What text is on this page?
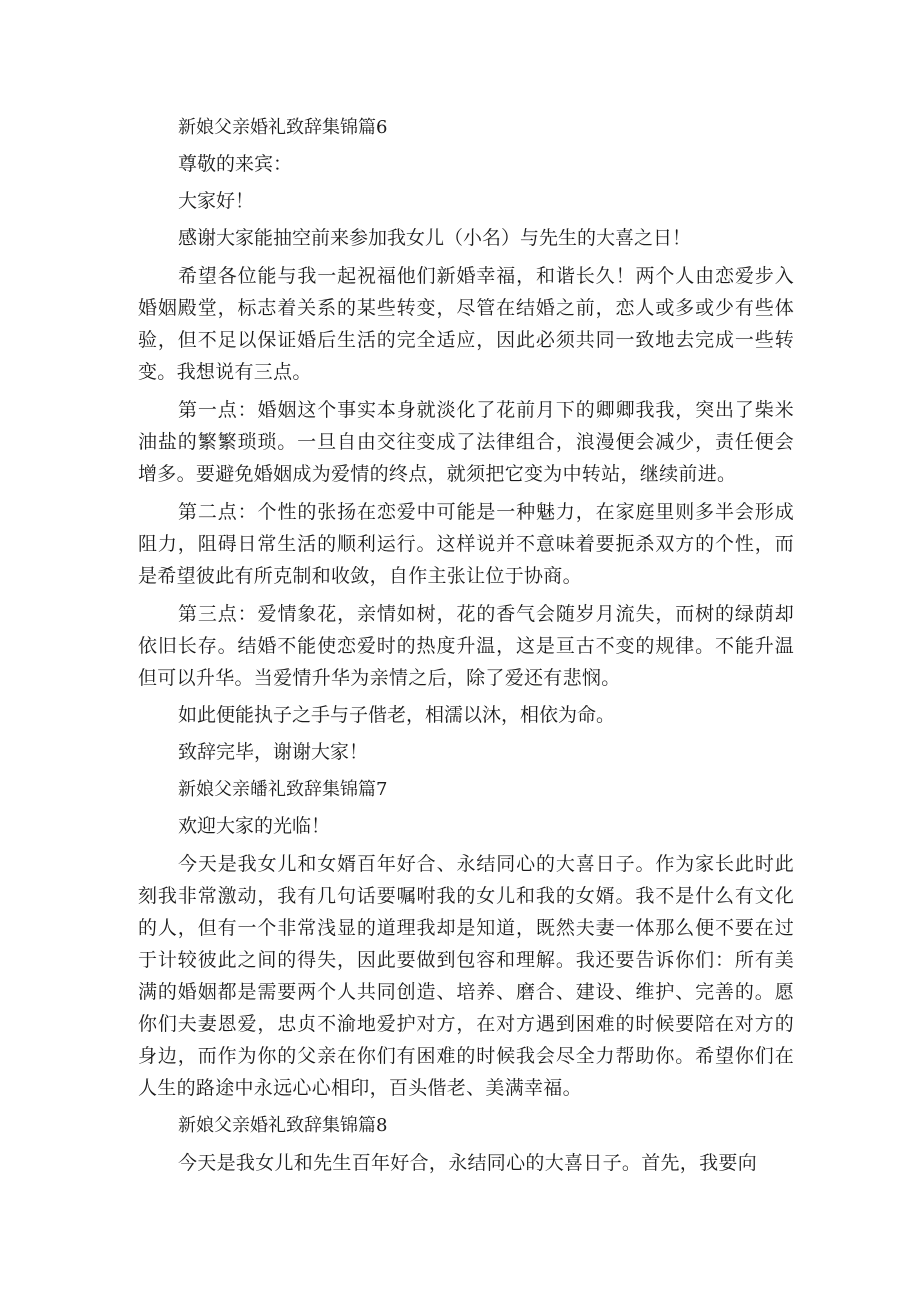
新娘父亲婚礼致辞集锦篇6
尊敬的来宾：
大家好！
感谢大家能抽空前来参加我女儿（小名）与先生的大喜之日！

希望各位能与我一起祝福他们新婚幸福，和谐长久！两个人由恋爱步入婚姻殿堂，标志着关系的某些转变，尽管在结婚之前，恋人或多或少有些体验，但不足以保证婚后生活的完全适应，因此必须共同一致地去完成一些转变。我想说有三点。

第一点：婚姻这个事实本身就淡化了花前月下的卿卿我我，突出了柴米油盐的繁繁琐琐。一旦自由交往变成了法律组合，浪漫便会减少，责任便会增多。要避免婚姻成为爱情的终点，就须把它变为中转站，继续前进。

第二点：个性的张扬在恋爱中可能是一种魅力，在家庭里则多半会形成阻力，阻碍日常生活的顺利运行。这样说并不意味着要扼杀双方的个性，而是希望彼此有所克制和收敛，自作主张让位于协商。

第三点：爱情象花，亲情如树，花的香气会随岁月流失，而树的绿荫却依旧长存。结婚不能使恋爱时的热度升温，这是亘古不变的规律。不能升温但可以升华。当爱情升华为亲情之后，除了爱还有悲悯。

如此便能执子之手与子偕老，相濡以沐，相依为命。
致辞完毕，谢谢大家！
新娘父亲皤礼致辞集锦篇7
欢迎大家的光临！

今天是我女儿和女婿百年好合、永结同心的大喜日子。作为家长此时此刻我非常激动，我有几句话要嘱咐我的女儿和我的女婿。我不是什么有文化的人，但有一个非常浅显的道理我却是知道，既然夫妻一体那么便不要在过于计较彼此之间的得失，因此要做到包容和理解。我还要告诉你们：所有美满的婚姻都是需要两个人共同创造、培养、磨合、建设、维护、完善的。愿你们夫妻恩爱，忠贞不渝地爱护对方，在对方遇到困难的时候要陪在对方的身边，而作为你的父亲在你们有困难的时候我会尽全力帮助你。希望你们在人生的路途中永远心心相印，百头偕老、美满幸福。

新娘父亲婚礼致辞集锦篇8

今天是我女儿和先生百年好合，永结同心的大喜日子。首先，我要向
